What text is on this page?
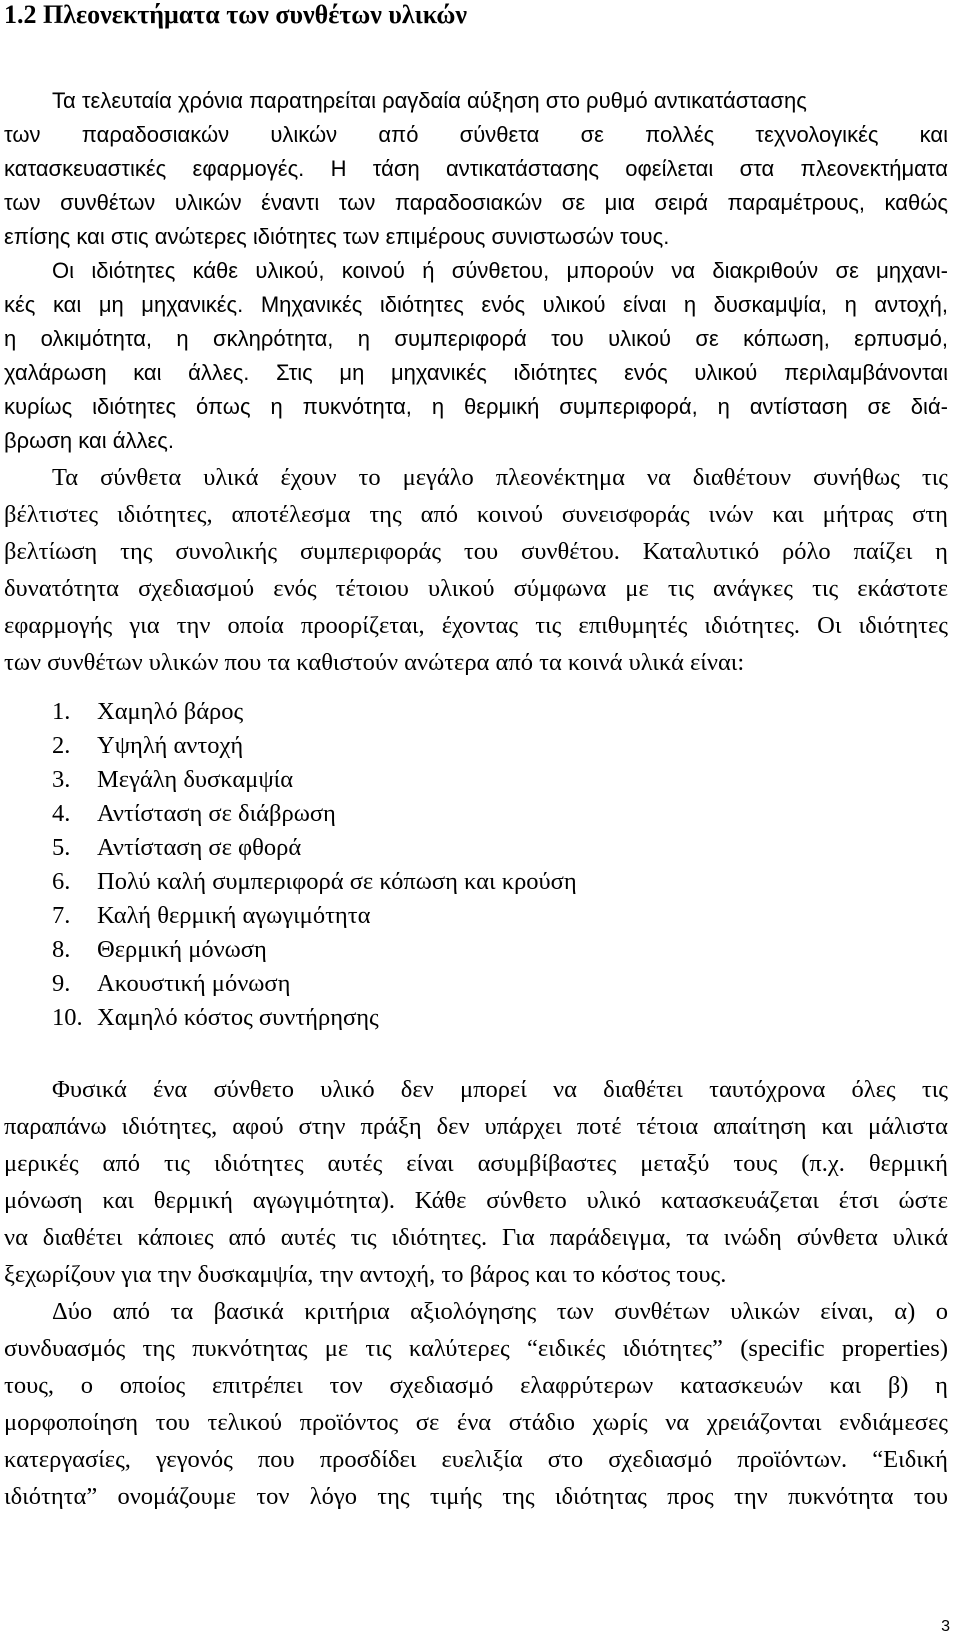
1.2 Πλεονεκτήματα των συνθέτων υλικών

Τα τελευταία χρόνια παρατηρείται ραγδαία αύξηση στο ρυθμό αντικατάστασης

των παραδοσιακών υλικών από σύνθετα σε πολλές τεχνολογικές και

κατασκευαστικές εφαρμογές. Η τάση αντικατάστασης οφείλεται στα πλεονεκτήματα

των συνθέτων υλικών έναντι των παραδοσιακών σε μια σειρά παραμέτρους, καθώς

επίσης και στις ανώτερες ιδιότητες των επιμέρους συνιστωσών τους.

Οι ιδιότητες κάθε υλικού, κοινού ή σύνθετου, μπορούν να διακριθούν σε μηχανι-

κές και μη μηχανικές. Μηχανικές ιδιότητες ενός υλικού είναι η δυσκαμψία, η αντοχή,

η ολκιμότητα, η σκληρότητα, η συμπεριφορά του υλικού σε κόπωση, ερπυσμό,

χαλάρωση και άλλες. Στις μη μηχανικές ιδιότητες ενός υλικού περιλαμβάνονται

κυρίως ιδιότητες όπως η πυκνότητα, η θερμική συμπεριφορά, η αντίσταση σε διά-

βρωση και άλλες.

Τα σύνθετα υλικά έχουν το μεγάλο πλεονέκτημα να διαθέτουν συνήθως τις

βέλτιστες ιδιότητες, αποτέλεσμα της από κοινού συνεισφοράς ινών και μήτρας στη

βελτίωση της συνολικής συμπεριφοράς του συνθέτου. Καταλυτικό ρόλο παίζει η

δυνατότητα σχεδιασμού ενός τέτοιου υλικού σύμφωνα με τις ανάγκες τις εκάστοτε

εφαρμογής για την οποία προορίζεται, έχοντας τις επιθυμητές ιδιότητες. Οι ιδιότητες

των συνθέτων υλικών που τα καθιστούν ανώτερα από τα κοινά υλικά είναι:

1. Χαμηλό βάρος
2. Υψηλή αντοχή
3. Μεγάλη δυσκαμψία
4. Αντίσταση σε διάβρωση
5. Αντίσταση σε φθορά
6. Πολύ καλή συμπεριφορά σε κόπωση και κρούση
7. Καλή θερμική αγωγιμότητα
8. Θερμική μόνωση
9. Ακουστική μόνωση
10. Χαμηλό κόστος συντήρησης

Φυσικά ένα σύνθετο υλικό δεν μπορεί να διαθέτει ταυτόχρονα όλες τις

παραπάνω ιδιότητες, αφού στην πράξη δεν υπάρχει ποτέ τέτοια απαίτηση και μάλιστα

μερικές από τις ιδιότητες αυτές είναι ασυμβίβαστες μεταξύ τους (π.χ. θερμική

μόνωση και θερμική αγωγιμότητα). Κάθε σύνθετο υλικό κατασκευάζεται έτσι ώστε

να διαθέτει κάποιες από αυτές τις ιδιότητες. Για παράδειγμα, τα ινώδη σύνθετα υλικά

ξεχωρίζουν για την δυσκαμψία, την αντοχή, το βάρος και το κόστος τους.

Δύο από τα βασικά κριτήρια αξιολόγησης των συνθέτων υλικών είναι, α) ο

συνδυασμός της πυκνότητας με τις καλύτερες “ειδικές ιδιότητες” (specific properties)

τους, ο οποίος επιτρέπει τον σχεδιασμό ελαφρύτερων κατασκευών και β) η

μορφοποίηση του τελικού προϊόντος σε ένα στάδιο χωρίς να χρειάζονται ενδιάμεσες

κατεργασίες, γεγονός που προσδίδει ευελιξία στο σχεδιασμό προϊόντων. “Ειδική

ιδιότητα” ονομάζουμε τον λόγο της τιμής της ιδιότητας προς την πυκνότητα του

3
